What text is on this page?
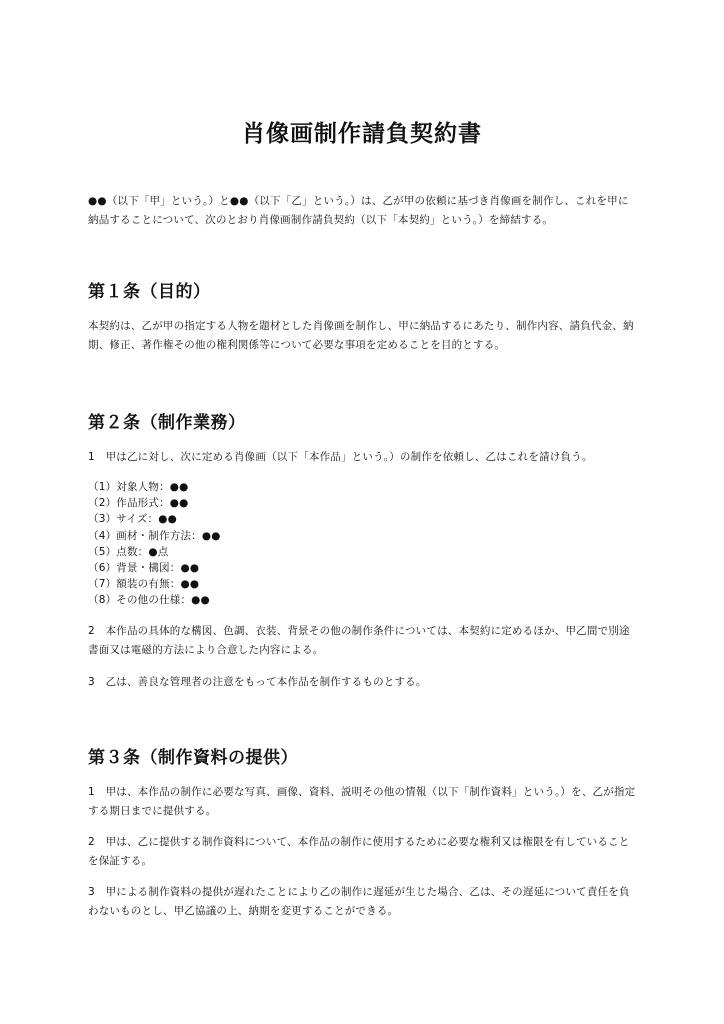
肖像画制作請負契約書

●●（以下「甲」という。）と●●（以下「乙」という。）は、乙が甲の依頼に基づき肖像画を制作し、これを甲に納品することについて、次のとおり肖像画制作請負契約（以下「本契約」という。）を締結する。

第１条（目的）

本契約は、乙が甲の指定する人物を題材とした肖像画を制作し、甲に納品するにあたり、制作内容、請負代金、納期、修正、著作権その他の権利関係等について必要な事項を定めることを目的とする。

第２条（制作業務）

1　甲は乙に対し、次に定める肖像画（以下「本作品」という。）の制作を依頼し、乙はこれを請け負う。

（1）対象人物：●●
（2）作品形式：●●
（3）サイズ：●●
（4）画材・制作方法：●●
（5）点数：●点
（6）背景・構図：●●
（7）額装の有無：●●
（8）その他の仕様：●●

2　本作品の具体的な構図、色調、衣装、背景その他の制作条件については、本契約に定めるほか、甲乙間で別途書面又は電磁的方法により合意した内容による。

3　乙は、善良な管理者の注意をもって本作品を制作するものとする。

第３条（制作資料の提供）

1　甲は、本作品の制作に必要な写真、画像、資料、説明その他の情報（以下「制作資料」という。）を、乙が指定する期日までに提供する。

2　甲は、乙に提供する制作資料について、本作品の制作に使用するために必要な権利又は権限を有していることを保証する。

3　甲による制作資料の提供が遅れたことにより乙の制作に遅延が生じた場合、乙は、その遅延について責任を負わないものとし、甲乙協議の上、納期を変更することができる。
